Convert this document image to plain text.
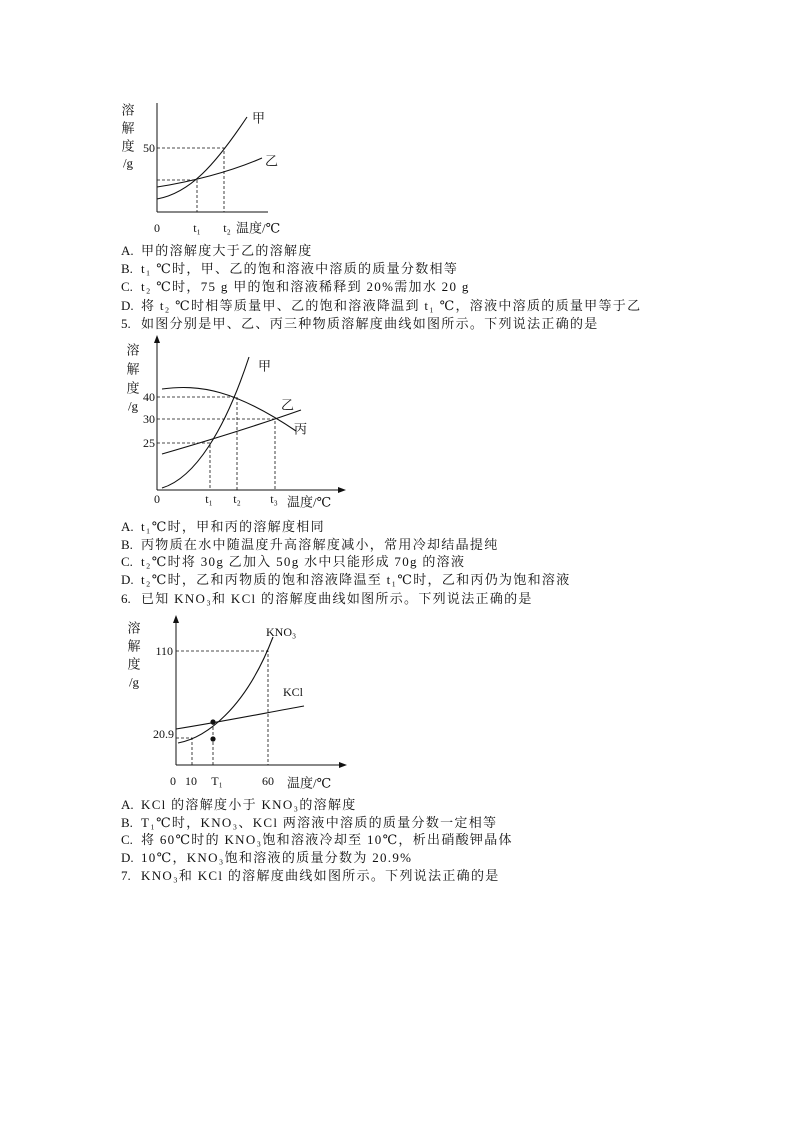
溶
解
度
/g
50
0	t₁ t₂ 温度/℃
甲
乙
A. 甲的溶解度大于乙的溶解度
B. t₁ ℃时，甲、乙的饱和溶液中溶质的质量分数相等
C. t₂ ℃时，75 g 甲的饱和溶液稀释到 20%需加水 20 g
D. 将 t₂ ℃时相等质量甲、乙的饱和溶液降温到 t₁ ℃，溶液中溶质的质量甲等于乙
5. 如图分别是甲、乙、丙三种物质溶解度曲线如图所示。下列说法正确的是
溶
解
度
/g
40
30
25
0	t₁ t₂ t₃ 温度/℃
甲
乙
丙
A. t₁℃时，甲和丙的溶解度相同
B. 丙物质在水中随温度升高溶解度减小，常用冷却结晶提纯
C. t₂℃时将 30g 乙加入 50g 水中只能形成 70g 的溶液
D. t₂℃时，乙和丙物质的饱和溶液降温至 t₁℃时，乙和丙仍为饱和溶液
6. 已知 KNO₃和 KCl 的溶解度曲线如图所示。下列说法正确的是
溶
解
度
/g
110
20.9
0 10 T₁	60 温度/℃
KNO₃
KCl
A. KCl 的溶解度小于 KNO₃的溶解度
B. T₁℃时，KNO₃、KCl 两溶液中溶质的质量分数一定相等
C. 将 60℃时的 KNO₃饱和溶液冷却至 10℃，析出硝酸钾晶体
D. 10℃，KNO₃饱和溶液的质量分数为 20.9%
7. KNO₃和 KCl 的溶解度曲线如图所示。下列说法正确的是
